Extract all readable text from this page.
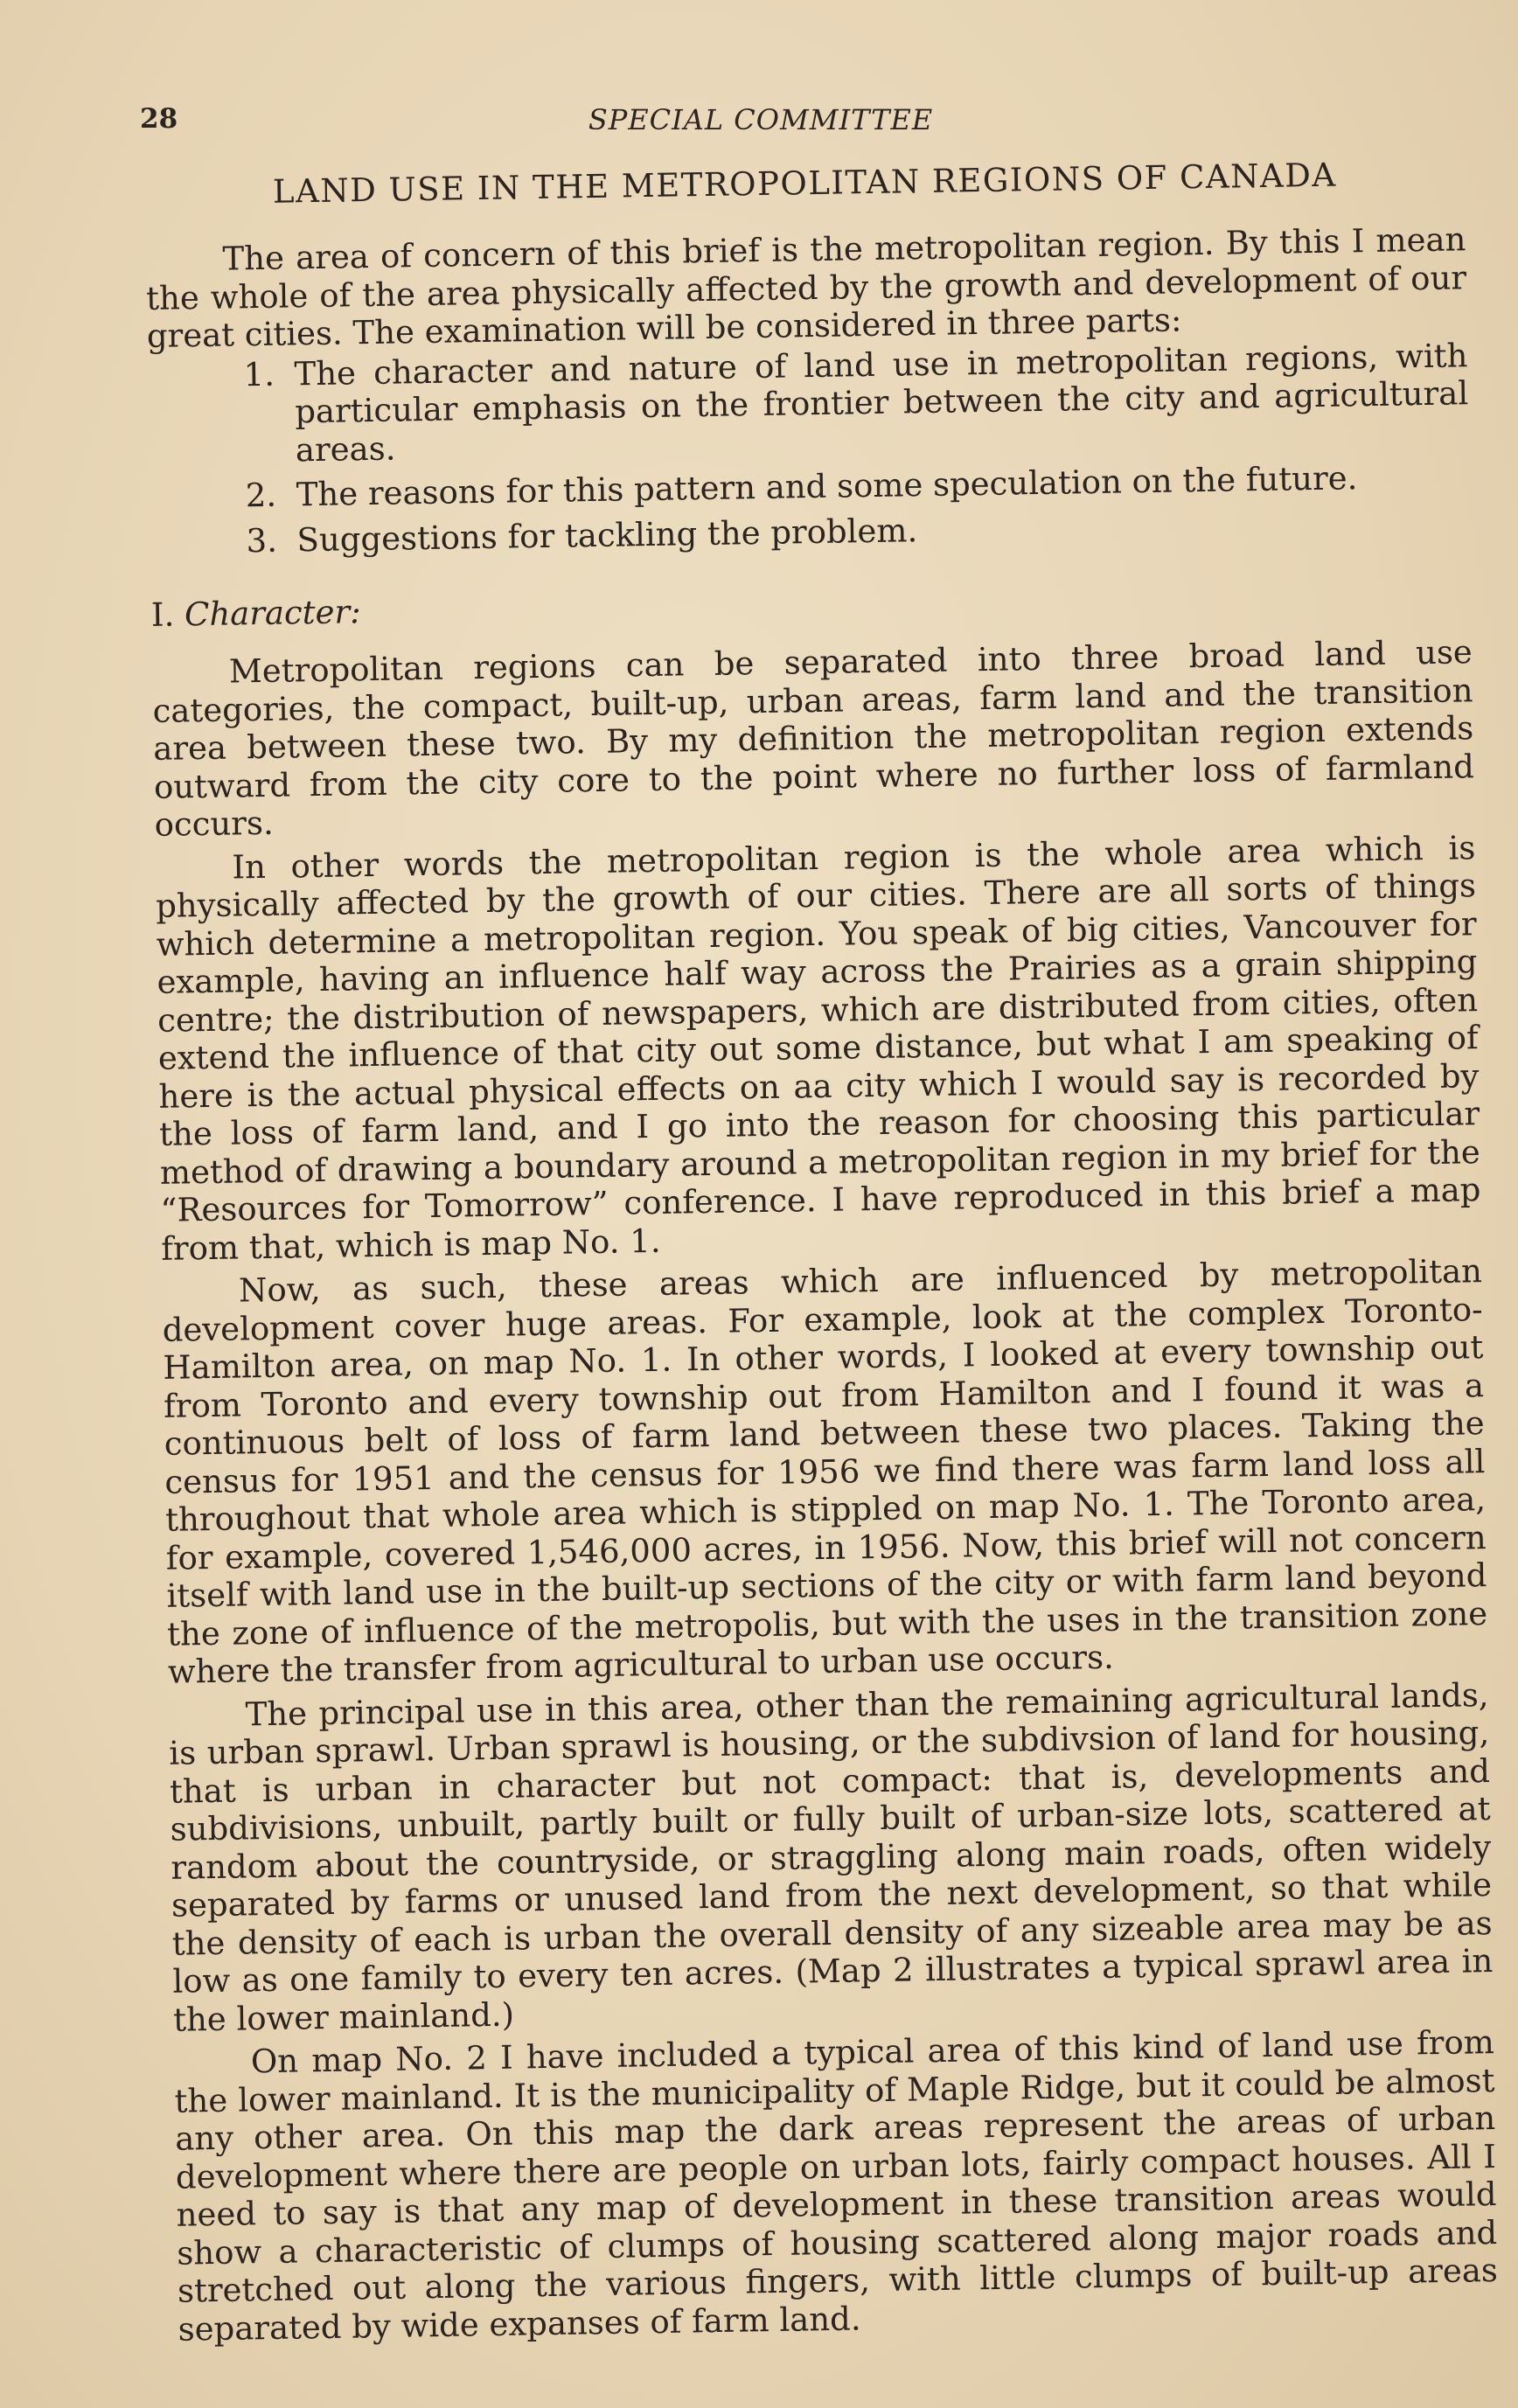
28	SPECIAL COMMITTEE
LAND USE IN THE METROPOLITAN REGIONS OF CANADA

The area of concern of this brief is the metropolitan region. By this I mean the whole of the area physically affected by the growth and development of our great cities. The examination will be considered in three parts:

1. The character and nature of land use in metropolitan regions, with particular emphasis on the frontier between the city and agricultural areas.
2. The reasons for this pattern and some speculation on the future.
3. Suggestions for tackling the problem.
I. Character:

Metropolitan regions can be separated into three broad land use categories, the compact, built-up, urban areas, farm land and the transition area between these two. By my definition the metropolitan region extends outward from the city core to the point where no further loss of farmland occurs.

In other words the metropolitan region is the whole area which is physically affected by the growth of our cities. There are all sorts of things which determine a metropolitan region. You speak of big cities, Vancouver for example, having an influence half way across the Prairies as a grain shipping centre; the distribution of newspapers, which are distributed from cities, often extend the influence of that city out some distance, but what I am speaking of here is the actual physical effects on aa city which I would say is recorded by the loss of farm land, and I go into the reason for choosing this particular method of drawing a boundary around a metropolitan region in my brief for the “Resources for Tomorrow” conference. I have reproduced in this brief a map from that, which is map No. 1.

Now, as such, these areas which are influenced by metropolitan development cover huge areas. For example, look at the complex Toronto-Hamilton area, on map No. 1. In other words, I looked at every township out from Toronto and every township out from Hamilton and I found it was a continuous belt of loss of farm land between these two places. Taking the census for 1951 and the census for 1956 we find there was farm land loss all throughout that whole area which is stippled on map No. 1. The Toronto area, for example, covered 1,546,000 acres, in 1956. Now, this brief will not concern itself with land use in the built-up sections of the city or with farm land beyond the zone of influence of the metropolis, but with the uses in the transition zone where the transfer from agricultural to urban use occurs.

The principal use in this area, other than the remaining agricultural lands, is urban sprawl. Urban sprawl is housing, or the subdivsion of land for housing, that is urban in character but not compact: that is, developments and subdivisions, unbuilt, partly built or fully built of urban-size lots, scattered at random about the countryside, or straggling along main roads, often widely separated by farms or unused land from the next development, so that while the density of each is urban the overall density of any sizeable area may be as low as one family to every ten acres. (Map 2 illustrates a typical sprawl area in the lower mainland.)

On map No. 2 I have included a typical area of this kind of land use from the lower mainland. It is the municipality of Maple Ridge, but it could be almost any other area. On this map the dark areas represent the areas of urban development where there are people on urban lots, fairly compact houses. All I need to say is that any map of development in these transition areas would show a characteristic of clumps of housing scattered along major roads and stretched out along the various fingers, with little clumps of built-up areas separated by wide expanses of farm land.
